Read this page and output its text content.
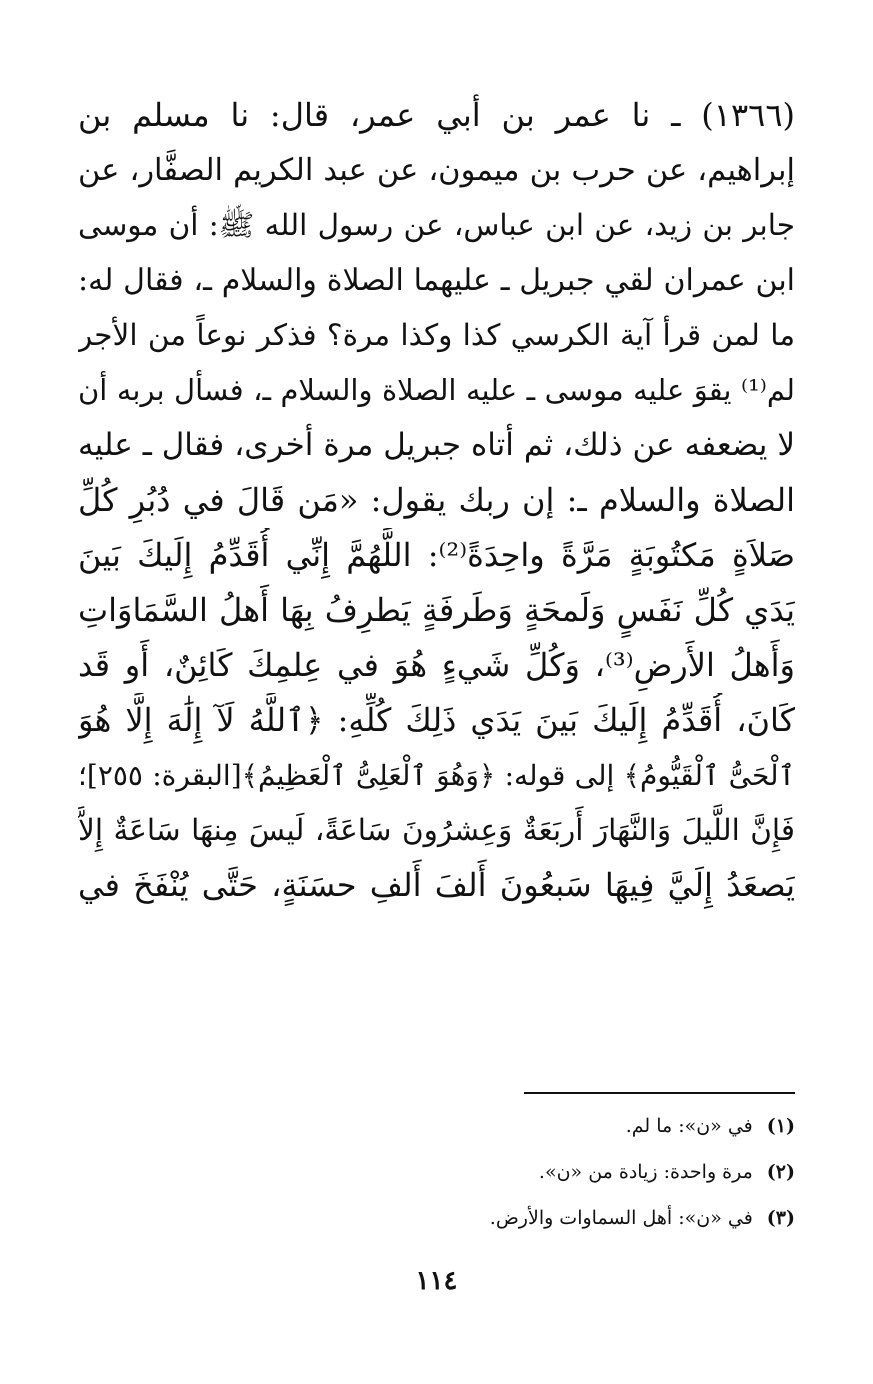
(١٣٦٦) ـ نا عمر بن أبي عمر، قال: نا مسلم بن
إبراهيم، عن حرب بن ميمون، عن عبد الكريم الصفَّار، عن
جابر بن زيد، عن ابن عباس، عن رسول الله ﷺ: أن موسى
ابن عمران لقي جبريل ـ عليهما الصلاة والسلام ـ، فقال له:
ما لمن قرأ آية الكرسي كذا وكذا مرة؟ فذكر نوعاً من الأجر
لم⁽¹⁾ يقوَ عليه موسى ـ عليه الصلاة والسلام ـ، فسأل بربه أن
لا يضعفه عن ذلك، ثم أتاه جبريل مرة أخرى، فقال ـ عليه
الصلاة والسلام ـ: إن ربك يقول: «مَن قَالَ في دُبُرِ كُلِّ
صَلاَةٍ مَكتُوبَةٍ مَرَّةً واحِدَةً⁽²⁾: اللَّهُمَّ إِنِّي أُقَدِّمُ إِلَيكَ بَينَ
يَدَي كُلِّ نَفَسٍ وَلَمحَةٍ وَطَرفَةٍ يَطرِفُ بِهَا أَهلُ السَّمَاوَاتِ
وَأَهلُ الأَرضِ⁽³⁾، وَكُلِّ شَيءٍ هُوَ في عِلمِكَ كَائِنٌ، أَو قَد
كَانَ، أُقَدِّمُ إِلَيكَ بَينَ يَدَي ذَلِكَ كُلِّهِ: ﴿ٱللَّهُ لَآ إِلَٰهَ إِلَّا هُوَ
ٱلْحَىُّ ٱلْقَيُّومُ﴾ إلى قوله: ﴿وَهُوَ ٱلْعَلِىُّ ٱلْعَظِيمُ﴾[البقرة: ٢٥٥]؛
فَإِنَّ اللَّيلَ وَالنَّهَارَ أَربَعَةٌ وَعِشرُونَ سَاعَةً، لَيسَ مِنهَا سَاعَةٌ إِلاَّ
يَصعَدُ إِلَيَّ فِيهَا سَبعُونَ أَلفَ أَلفِ حسَنَةٍ، حَتَّى يُنْفَخَ في
(١)في «ن»: ما لم.
(٢)مرة واحدة: زيادة من «ن».
(٣)في «ن»: أهل السماوات والأرض.
١١٤
